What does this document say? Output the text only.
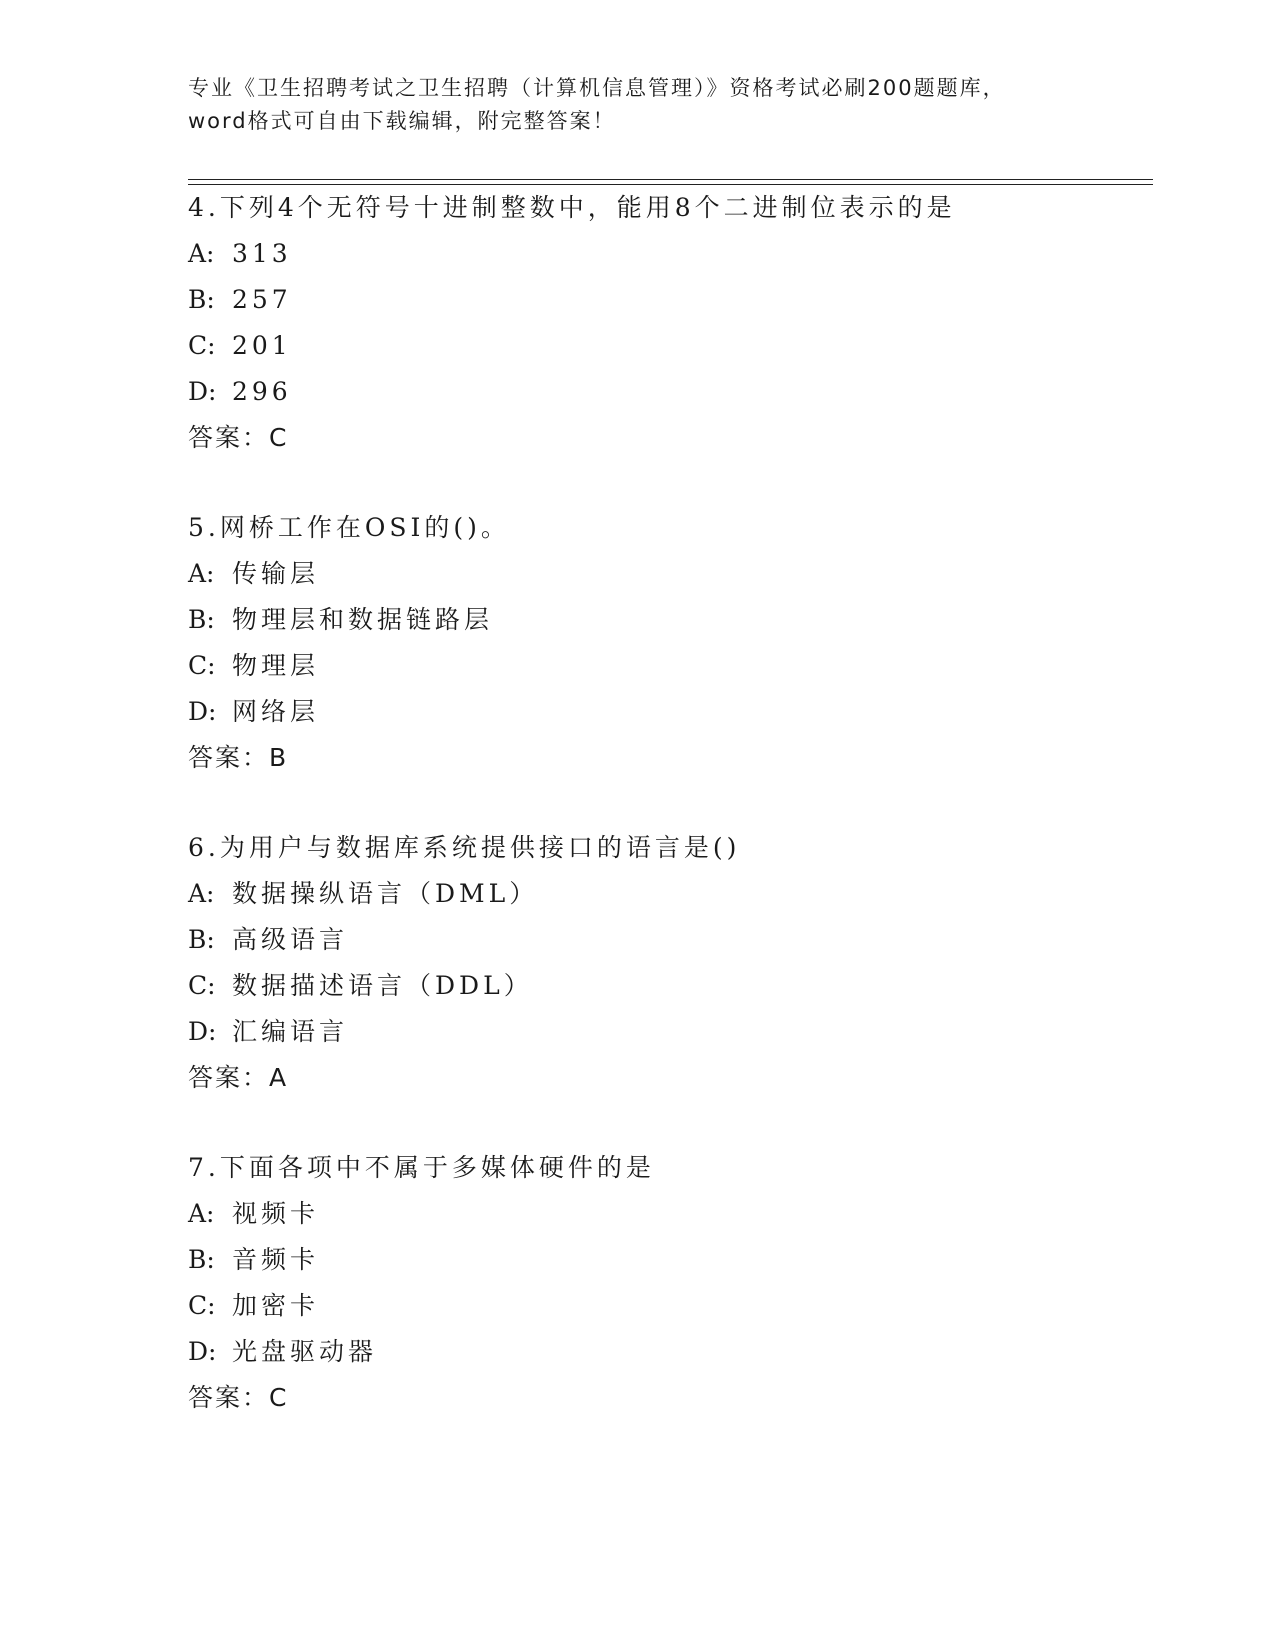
专业《卫生招聘考试之卫生招聘（计算机信息管理）》资格考试必刷200题题库，

word格式可自由下载编辑，附完整答案！

4.下列4个无符号十进制整数中，能用8个二进制位表示的是
A: 313
B: 257
C: 201
D: 296
答案：C
5.网桥工作在OSI的()。
A: 传输层
B: 物理层和数据链路层
C: 物理层
D: 网络层
答案：B
6.为用户与数据库系统提供接口的语言是()
A: 数据操纵语言（DML）
B: 高级语言
C: 数据描述语言（DDL）
D: 汇编语言
答案：A
7.下面各项中不属于多媒体硬件的是
A: 视频卡
B: 音频卡
C: 加密卡
D: 光盘驱动器
答案：C
